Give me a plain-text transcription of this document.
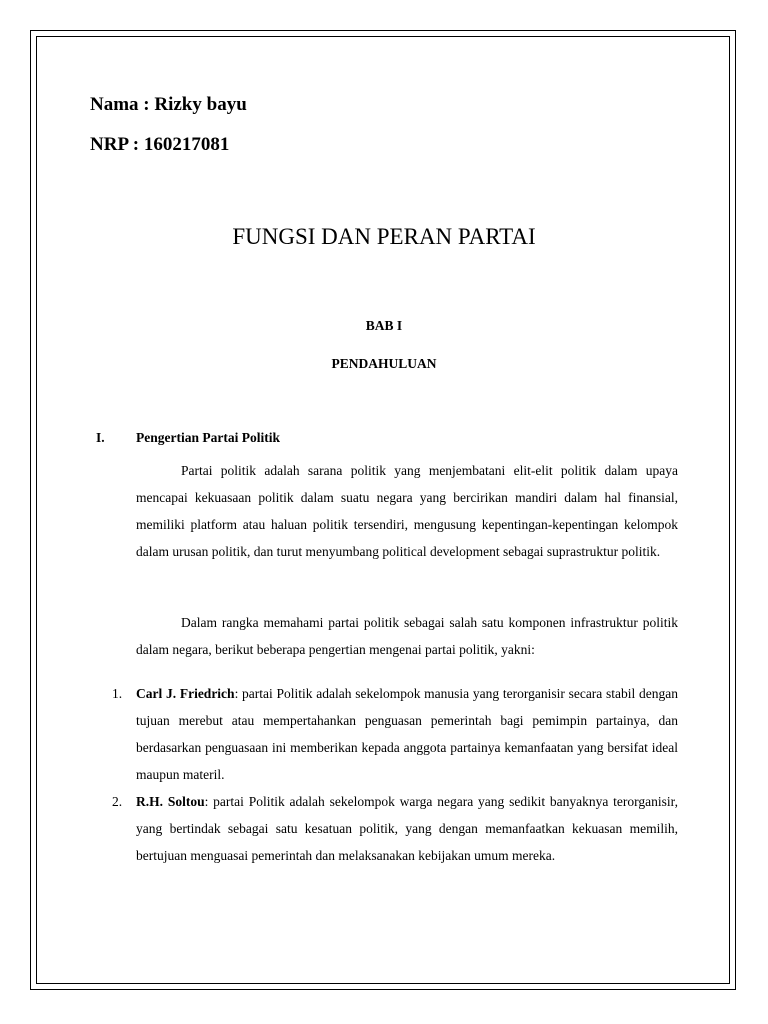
Nama : Rizky bayu

NRP : 160217081

FUNGSI DAN PERAN PARTAI

BAB I

PENDAHULUAN

I. Pengertian Partai Politik

Partai politik adalah sarana politik yang menjembatani elit-elit politik dalam upaya mencapai kekuasaan politik dalam suatu negara yang bercirikan mandiri dalam hal finansial, memiliki platform atau haluan politik tersendiri, mengusung kepentingan-kepentingan kelompok dalam urusan politik, dan turut menyumbang political development sebagai suprastruktur politik.

Dalam rangka memahami partai politik sebagai salah satu komponen infrastruktur politik dalam negara, berikut beberapa pengertian mengenai partai politik, yakni:

1. Carl J. Friedrich: partai Politik adalah sekelompok manusia yang terorganisir secara stabil dengan tujuan merebut atau mempertahankan penguasan pemerintah bagi pemimpin partainya, dan berdasarkan penguasaan ini memberikan kepada anggota partainya kemanfaatan yang bersifat ideal maupun materil.
2. R.H. Soltou: partai Politik adalah sekelompok warga negara yang sedikit banyaknya terorganisir, yang bertindak sebagai satu kesatuan politik, yang dengan memanfaatkan kekuasan memilih, bertujuan menguasai pemerintah dan melaksanakan kebijakan umum mereka.
